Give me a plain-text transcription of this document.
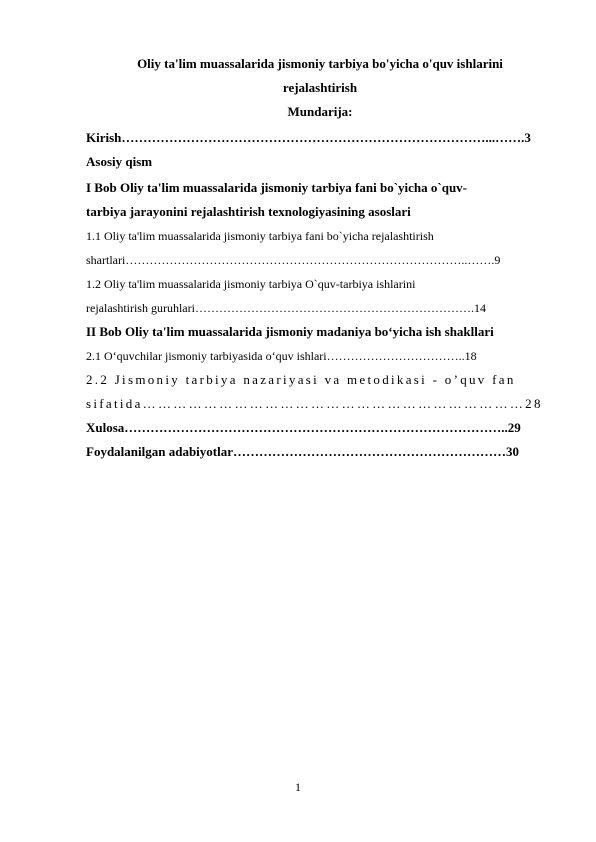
Oliy ta'lim muassalarida jismoniy tarbiya bo'yicha o'quv ishlarini
rejalashtirish
Mundarija:
Kirish…………………………………………………………………………...…….3
Asosiy qism
I Bob Oliy ta'lim muassalarida jismoniy tarbiya fani bo`yicha o`quv-
tarbiya jarayonini rejalashtirish texnologiyasining asoslari
1.1 Oliy ta'lim muassalarida jismoniy tarbiya fani bo`yicha rejalashtirish
shartlari…………………………………………………………………………..…….9
1.2 Oliy ta'lim muassalarida jismoniy tarbiya O`quv-tarbiya ishlarini
rejalashtirish guruhlari…………………………………………………………….14
II Bob Oliy ta'lim muassalarida jismoniy madaniya bo‘yicha ish shakllari
2.1 O‘quvchilar jismoniy tarbiyasida o‘quv ishlari……………………………..18
2.2 Jismoniy tarbiya nazariyasi va metodikasi - o’quv fan
sifatida…………………………………………………………………28
Xulosa……………………………………………………………………………..29
Foydalanilgan adabiyotlar………………………………………………………30
1
